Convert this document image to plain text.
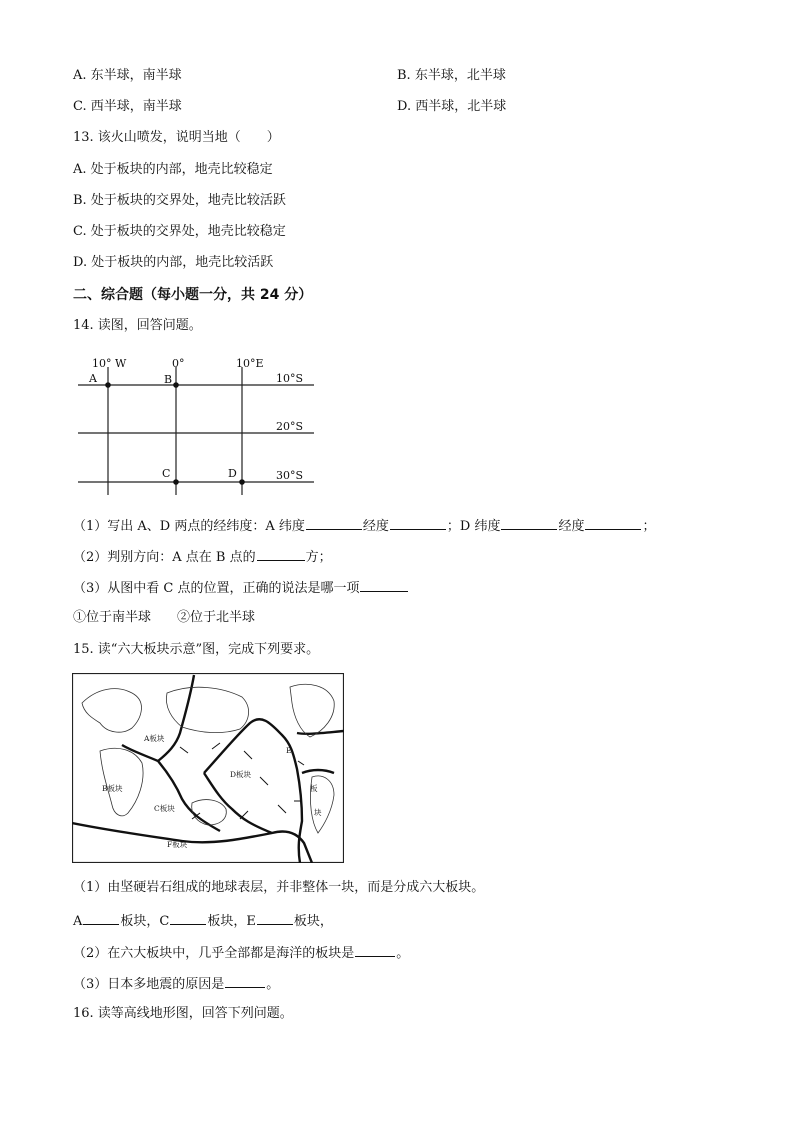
A. 东半球，南半球	B. 东半球，北半球
C. 西半球，南半球	D. 西半球，北半球
13. 该火山喷发，说明当地（　　）
A. 处于板块的内部，地壳比较稳定
B. 处于板块的交界处，地壳比较活跃
C. 处于板块的交界处，地壳比较稳定
D. 处于板块的内部，地壳比较活跃
二、综合题（每小题一分，共 24 分）
14. 读图，回答问题。
10° W	0°	10°E
10°S
20°S
30°S
A	B
C	D
（1）写出 A、D 两点的经纬度：A 纬度	经度	；D 纬度	经度	；
（2）判别方向：A 点在 B 点的	方；
（3）从图中看 C 点的位置，正确的说法是哪一项
①位于南半球 ②位于北半球
15. 读“六大板块示意”图，完成下列要求。
A板块
B板块
C板块
D板块
E
F板块
板
块
（1）由坚硬岩石组成的地球表层，并非整体一块，而是分成六大板块。
A	板块，C	板块，E	板块，
（2）在六大板块中，几乎全部都是海洋的板块是	。
（3）日本多地震的原因是	。
16. 读等高线地形图，回答下列问题。
